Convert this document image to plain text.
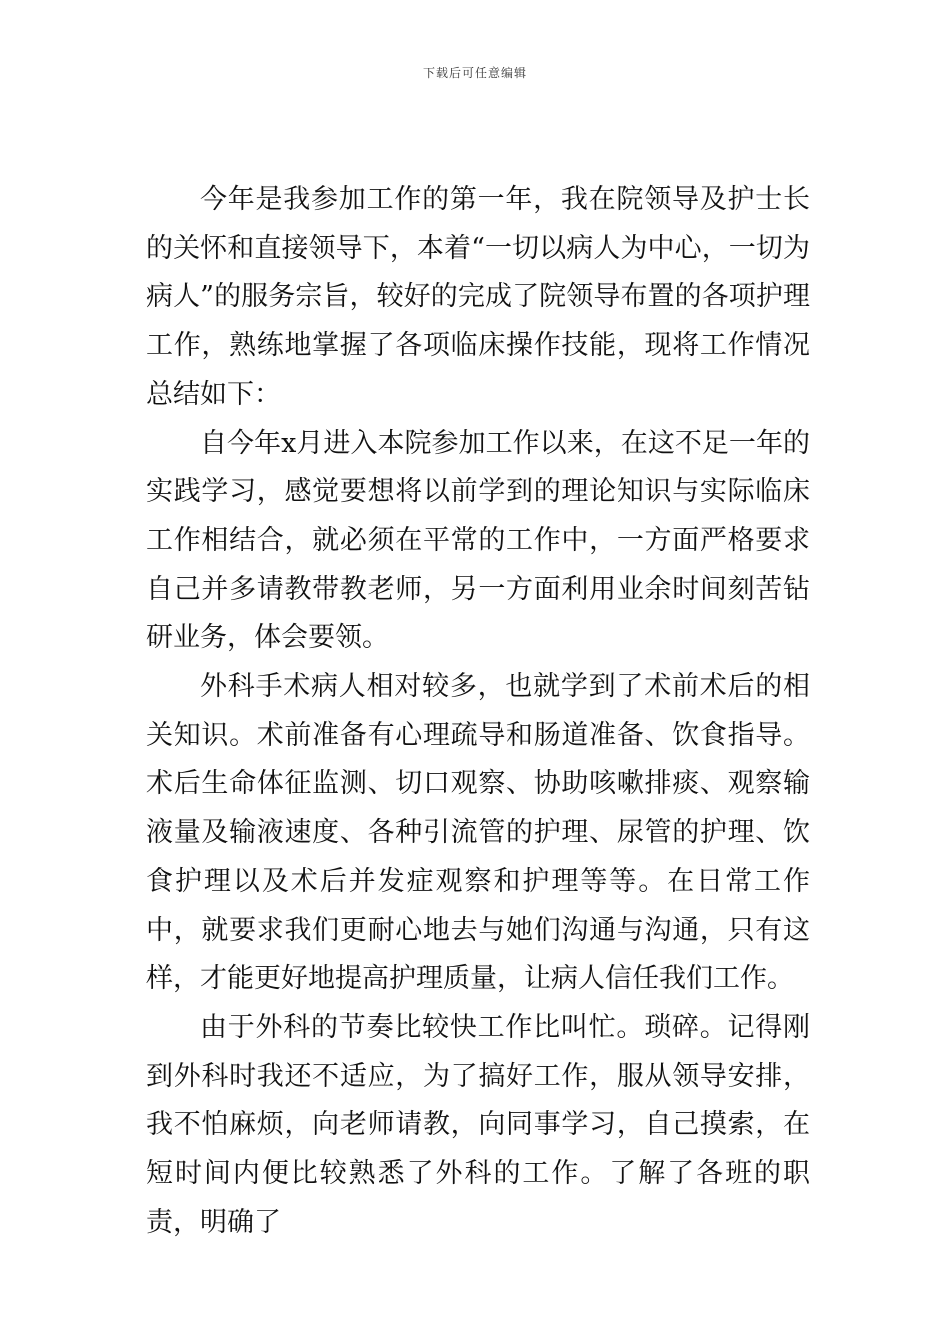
下载后可任意编辑

今年是我参加工作的第一年，我在院领导及护士长的关怀和直接领导下，本着“一切以病人为中心，一切为病人”的服务宗旨，较好的完成了院领导布置的各项护理工作，熟练地掌握了各项临床操作技能，现将工作情况总结如下：

自今年x月进入本院参加工作以来，在这不足一年的实践学习，感觉要想将以前学到的理论知识与实际临床工作相结合，就必须在平常的工作中，一方面严格要求自己并多请教带教老师，另一方面利用业余时间刻苦钻研业务，体会要领。

外科手术病人相对较多，也就学到了术前术后的相关知识。术前准备有心理疏导和肠道准备、饮食指导。术后生命体征监测、切口观察、协助咳嗽排痰、观察输液量及输液速度、各种引流管的护理、尿管的护理、饮食护理以及术后并发症观察和护理等等。在日常工作中，就要求我们更耐心地去与她们沟通与沟通，只有这样，才能更好地提高护理质量，让病人信任我们工作。

由于外科的节奏比较快工作比叫忙。琐碎。记得刚到外科时我还不适应，为了搞好工作，服从领导安排，我不怕麻烦，向老师请教，向同事学习，自己摸索，在短时间内便比较熟悉了外科的工作。了解了各班的职责，明确了
